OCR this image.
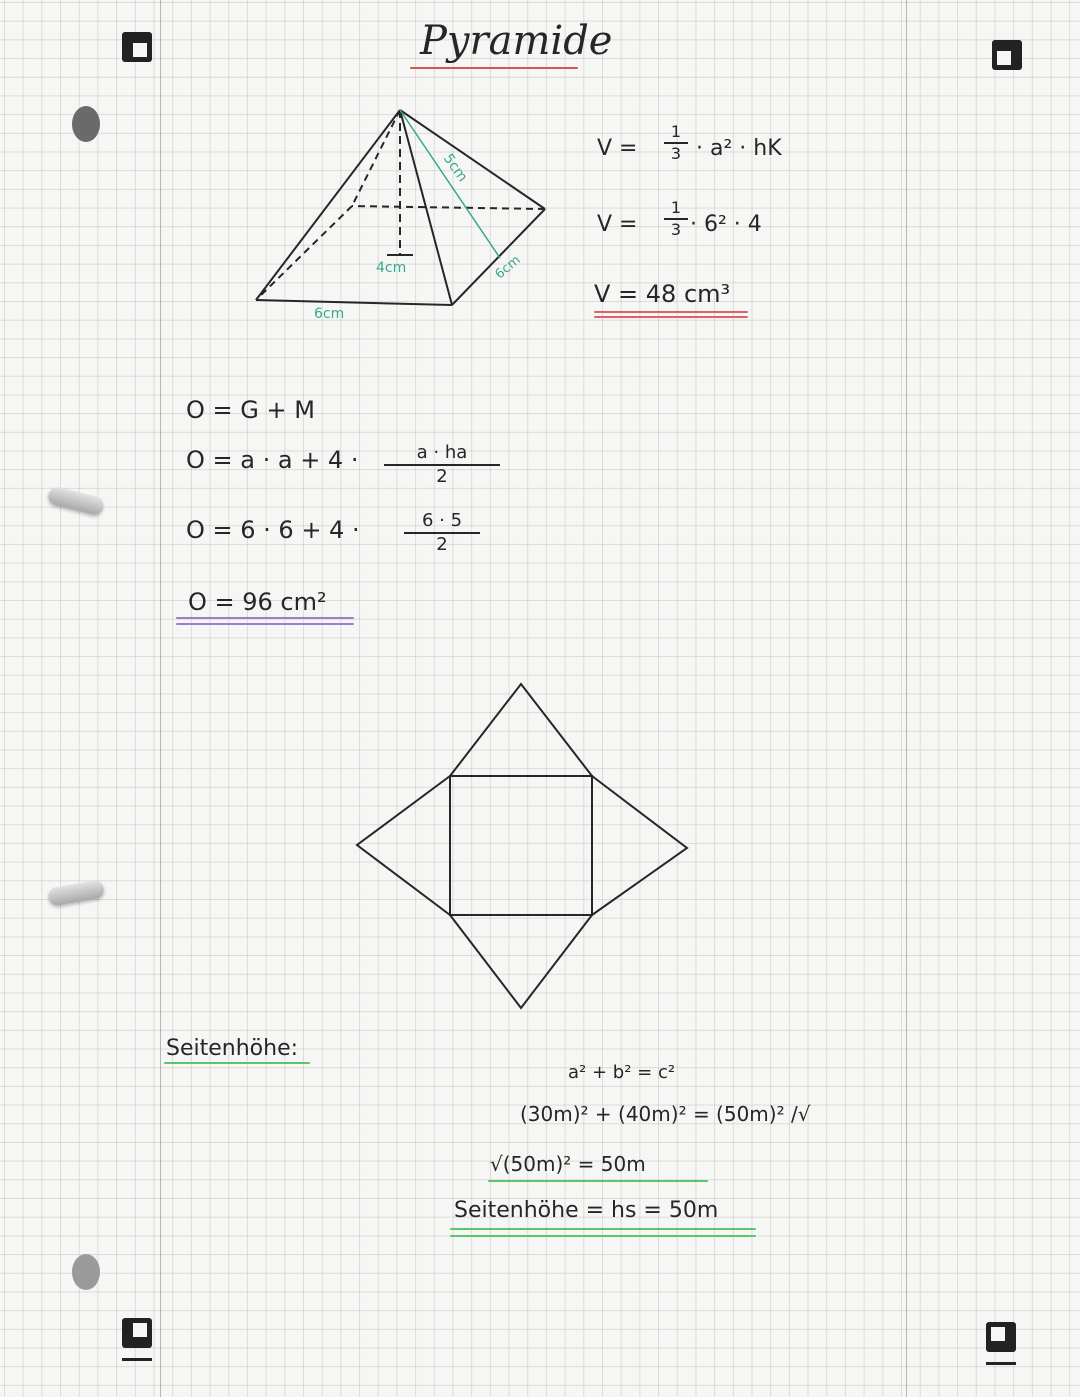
Pyramide
5cm
4cm	6cm
6cm
V =
1
3 · a² · hK
V =
1
3 · 6² · 4
V = 48 cm³
O = G + M
O = a · a + 4 ·	a · ha
2
O = 6 · 6 + 4 ·	6 · 5
2
O = 96 cm²
Seitenhöhe:
a² + b² = c²
(30m)² + (40m)² = (50m)² /√
√(50m)² = 50m
Seitenhöhe = hs = 50m
